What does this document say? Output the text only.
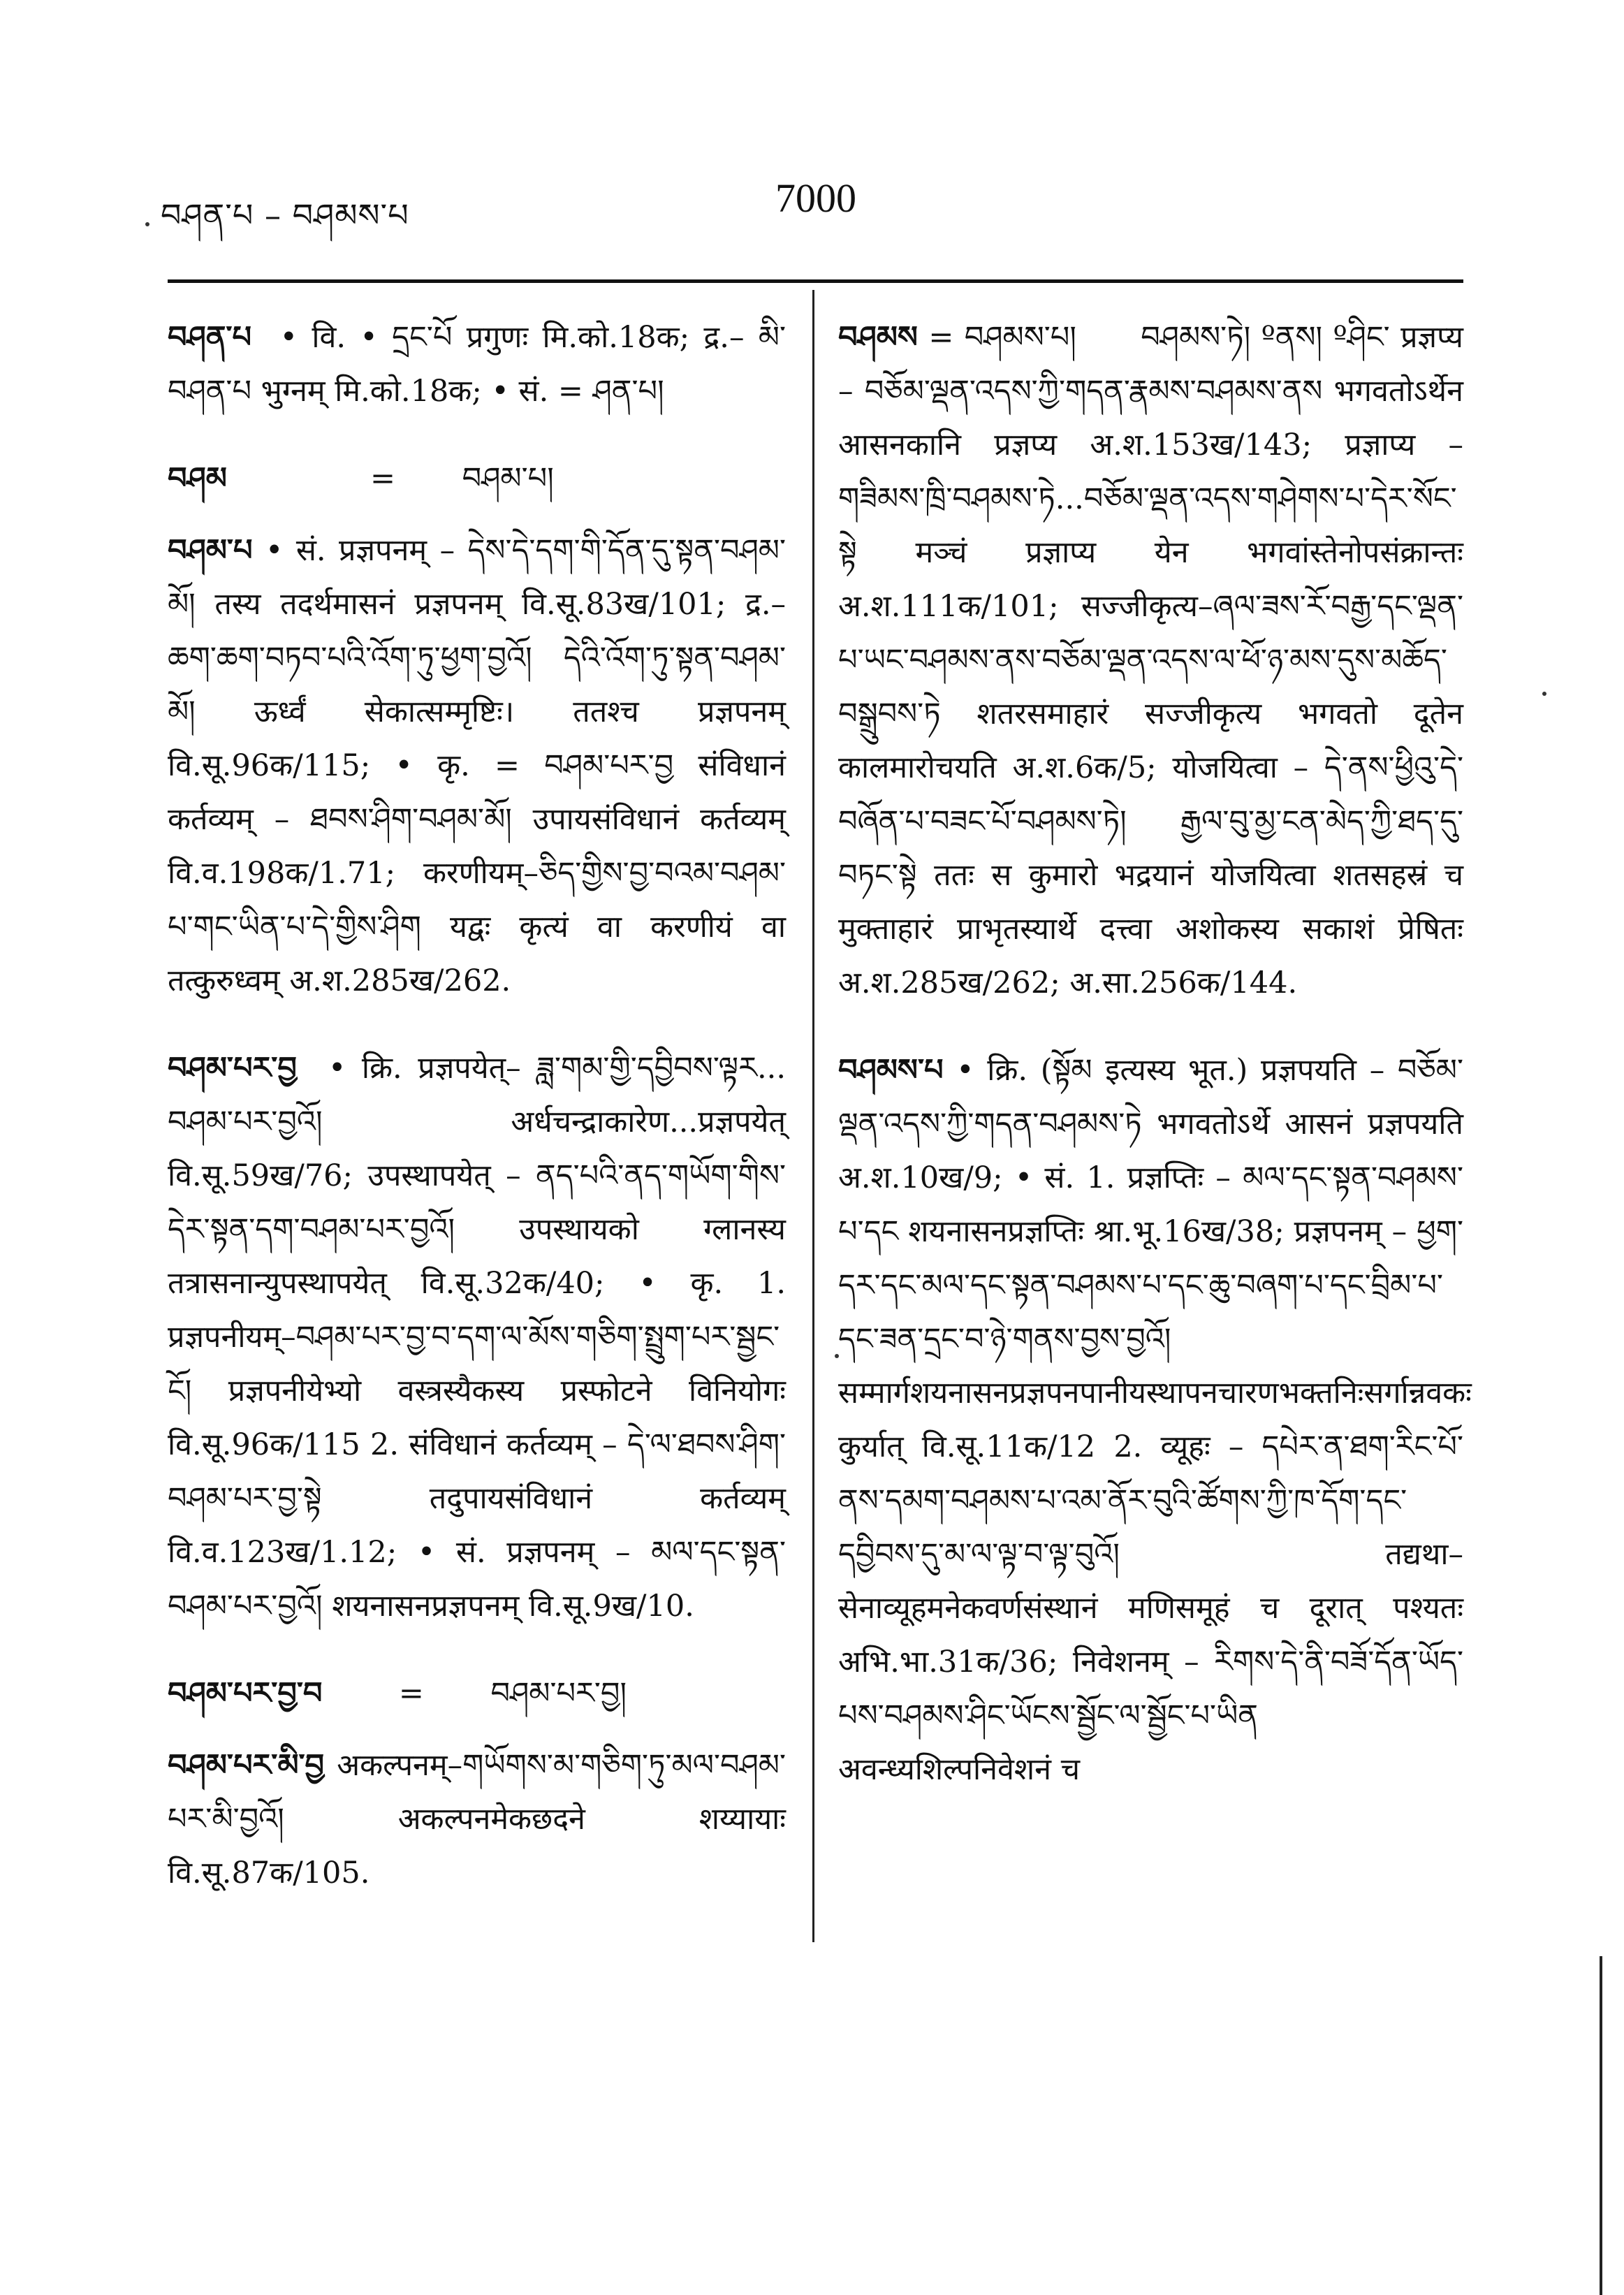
བཤན་པ – བཤམས་པ	7000
བཤན་པ  • वि. • དྲང་པོ प्रगुणः मि.को.18क; द्र.– མི་བཤན་པ भुग्नम् मि.को.18क; • सं. = ཤན་པ།
བཤམ               =       བཤམ་པ།
བཤམ་པ • सं. प्रज्ञपनम् – དེས་དེ་དག་གི་དོན་དུ་སྟན་བཤམ་མོ། तस्य तदर्थमासनं प्रज्ञपनम् वि.सू.83ख/101; द्र.– ཆག་ཆག་བཏབ་པའི་འོག་ཏུ་ཕྱག་བྱའོ། དེའི་འོག་ཏུ་སྟན་བཤམ་མོ། ऊर्ध्वं सेकात्सम्मृष्टिः। ततश्च प्रज्ञपनम् वि.सू.96क/115; • कृ. = བཤམ་པར་བྱ संविधानं कर्तव्यम् – ཐབས་ཤིག་བཤམ་མོ། उपायसंविधानं कर्तव्यम् वि.व.198क/1.71; करणीयम्–ཅིད་གྱིས་བྱ་བའམ་བཤམ་པ་གང་ཡིན་པ་དེ་གྱིས་ཤིག यद्वः कृत्यं वा करणीयं वा तत्कुरुध्वम् अ.श.285ख/262.
བཤམ་པར་བྱ  • क्रि. प्रज्ञपयेत्– ཟླ་གམ་གྱི་དབྱིབས་ལྟར... བཤམ་པར་བྱའོ། अर्धचन्द्राकारेण...प्रज्ञपयेत् वि.सू.59ख/76; उपस्थापयेत् – ནད་པའི་ནད་གཡོག་གིས་དེར་སྟན་དག་བཤམ་པར་བྱའོ། उपस्थायको ग्लानस्य तत्रासनान्युपस्थापयेत् वि.सू.32क/40; • कृ. 1. प्रज्ञपनीयम्–བཤམ་པར་བྱ་བ་དག་ལ་མོས་གཅིག་སྤྲུག་པར་སྦྱང་ངོ། प्रज्ञपनीयेभ्यो वस्त्रस्यैकस्य प्रस्फोटने विनियोगः वि.सू.96क/115 2. संविधानं कर्तव्यम् – དེ་ལ་ཐབས་ཤིག་བཤམ་པར་བྱ་སྟེ तदुपायसंविधानं कर्तव्यम् वि.व.123ख/1.12; • सं. प्रज्ञपनम् – མལ་དང་སྟན་བཤམ་པར་བྱའོ། शयनासनप्रज्ञपनम् वि.सू.9ख/10.
བཤམ་པར་བྱ་བ        =       བཤམ་པར་བྱ།
བཤམ་པར་མི་བྱ अकल्पनम्–གཡོགས་མ་གཅིག་ཏུ་མལ་བཤམ་པར་མི་བྱའོ། अकल्पनमेकछदने शय्यायाः वि.सू.87क/105.
བཤམས = བཤམས་པ།      བཤམས་ཏེ། ºནས། ºཤིང་ प्रज्ञप्य – བཅོམ་ལྡན་འདས་ཀྱི་གདན་རྣམས་བཤམས་ནས भगवतोऽर्थेन आसनकानि प्रज्ञप्य अ.श.153ख/143; प्रज्ञाप्य – གཟིམས་ཁྲི་བཤམས་ཏེ...བཅོམ་ལྡན་འདས་གཤེགས་པ་དེར་སོང་སྟེ मञ्चं प्रज्ञाप्य येन भगवांस्तेनोपसंक्रान्तः अ.श.111क/101; सज्जीकृत्य–ཞལ་ཟས་རོ་བརྒྱ་དང་ལྡན་པ་ཡང་བཤམས་ནས་བཅོམ་ལྡན་འདས་ལ་ཕོ་ཉ་མས་དུས་མཆོད་བསྒྲུབས་ཏེ शतरसमाहारं सज्जीकृत्य भगवतो दूतेन कालमारोचयति अ.श.6क/5; योजयित्वा – དེ་ནས་ཕྱིའུ་དེ་བཞོན་པ་བཟང་པོ་བཤམས་ཏེ། རྒྱལ་བུ་མྱ་ངན་མེད་ཀྱི་ཐད་དུ་བཏང་སྟེ ततः स कुमारो भद्रयानं योजयित्वा शतसहस्रं च मुक्ताहारं प्राभृतस्यार्थे दत्त्वा अशोकस्य सकाशं प्रेषितः अ.श.285ख/262; अ.सा.256क/144.
བཤམས་པ • क्रि. (སྟོམ इत्यस्य भूत.) प्रज्ञपयति – བཅོམ་ལྡན་འདས་ཀྱི་གདན་བཤམས་ཏེ भगवतोऽर्थे आसनं प्रज्ञपयति अ.श.10ख/9; • सं. 1. प्रज्ञप्तिः – མལ་དང་སྟན་བཤམས་པ་དང शयनासनप्रज्ञप्तिः श्रा.भू.16ख/38; प्रज्ञपनम् – ཕྱག་དར་དང་མལ་དང་སྟན་བཤམས་པ་དང་ཆུ་བཞག་པ་དང་བྲིམ་པ་དང་ཟན་དྲང་བ་ཉེ་གནས་བྱས་བྱའོ། सम्मार्गशयनासनप्रज्ञपनपानीयस्थापनचारणभक्तनिःसर्गान्नवकः कुर्यात् वि.सू.11क/12 2. व्यूहः – དཔེར་ན་ཐག་རིང་པོ་ནས་དམག་བཤམས་པ་འམ་ནོར་བུའི་ཚོགས་ཀྱི་ཁ་དོག་དང་དབྱིབས་དུ་མ་ལ་ལྟ་བ་ལྟ་བུའོ། तद्यथा–सेनाव्यूहमनेकवर्णसंस्थानं मणिसमूहं च दूरात् पश्यतः अभि.भा.31क/36; निवेशनम् – རིགས་དེ་ནི་བཟོ་དོན་ཡོད་པས་བཤམས་ཤིང་ཡོངས་སྦྱོང་ལ་སྦྱོང་པ་ཡིན अवन्ध्यशिल्पनिवेशनं च
